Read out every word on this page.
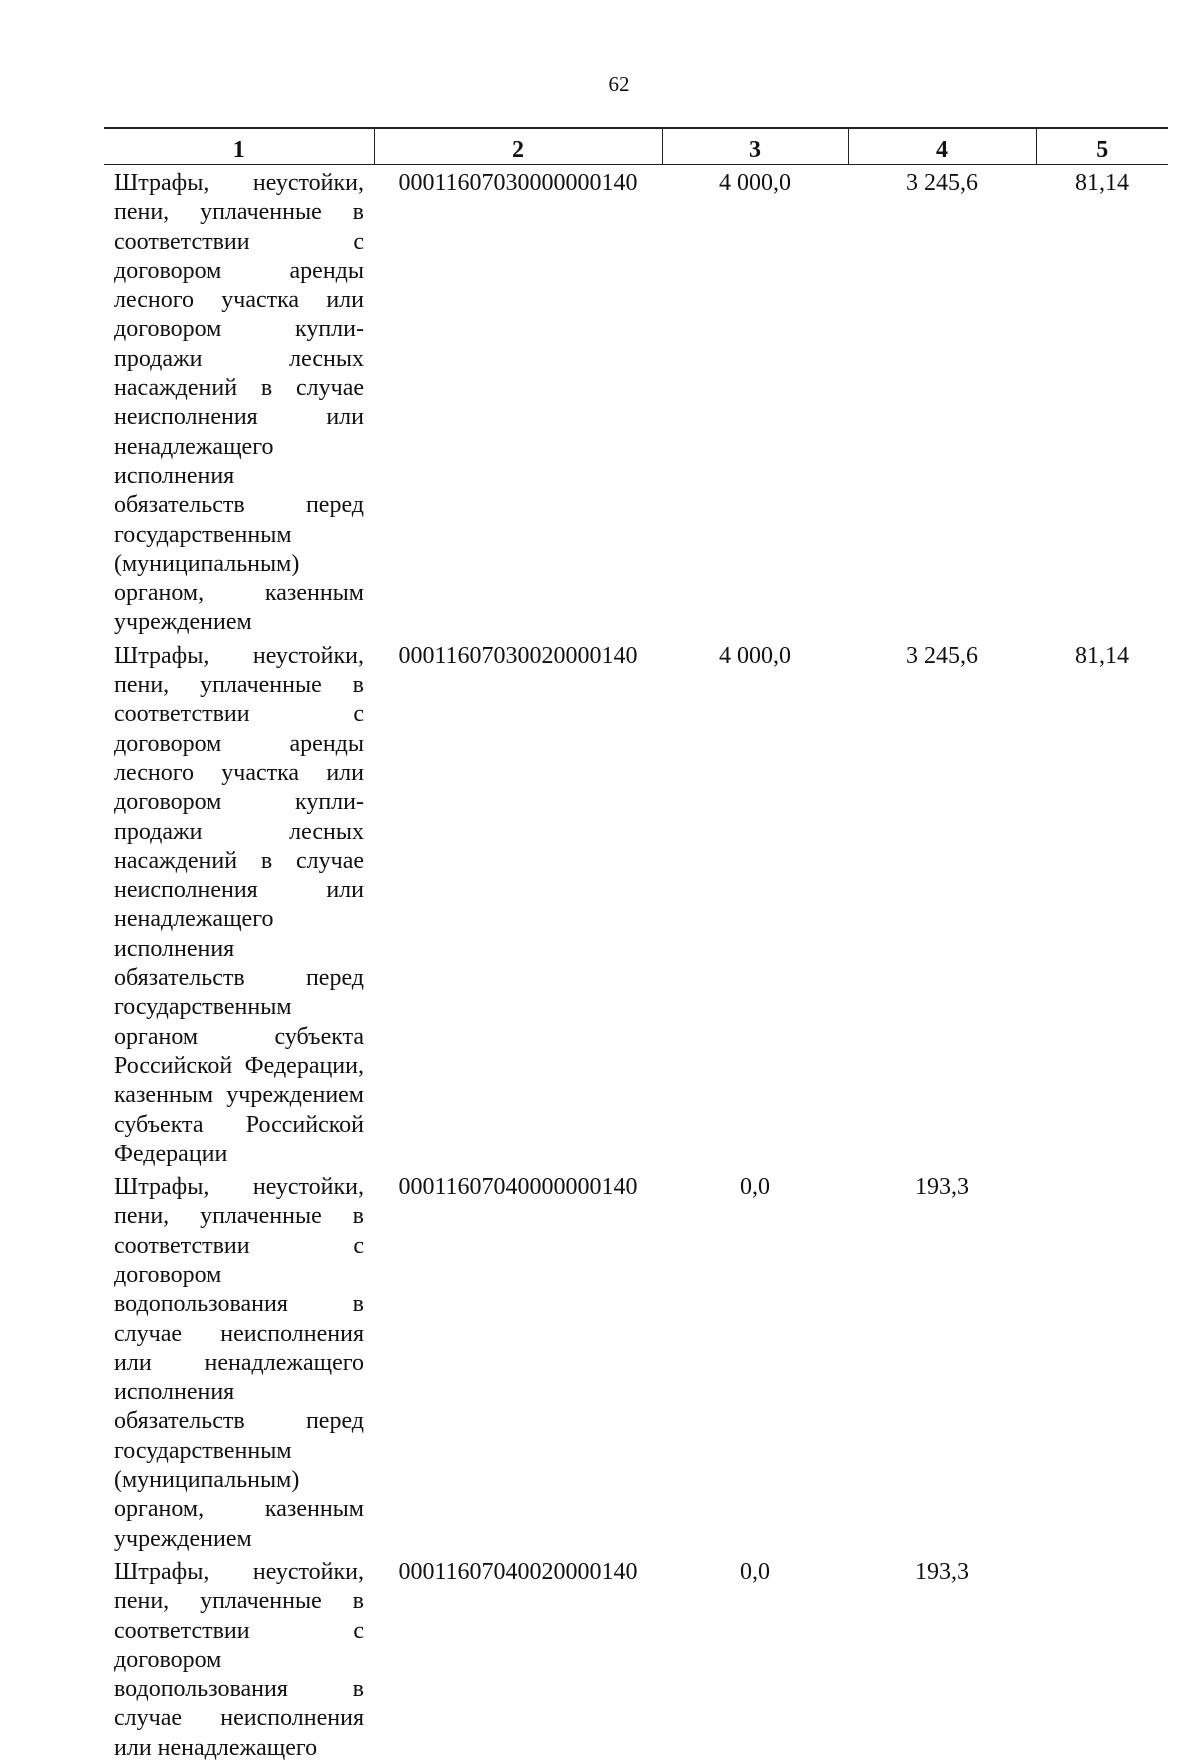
62
1	2	3	4	5
Штрафы, неустойки, пени, уплаченные в соответствии с договором аренды лесного участка или договором купли-продажи лесных насаждений в случае неисполнения или ненадлежащего исполнения обязательств перед государственным (муниципальным) органом, казенным учреждением	00011607030000000140	4 000,0	3 245,6	81,14
Штрафы, неустойки, пени, уплаченные в соответствии с договором аренды лесного участка или договором купли-продажи лесных насаждений в случае неисполнения или ненадлежащего исполнения обязательств перед государственным органом субъекта Российской Федерации, казенным учреждением субъекта Российской Федерации	00011607030020000140	4 000,0	3 245,6	81,14
Штрафы, неустойки, пени, уплаченные в соответствии с договором водопользования в случае неисполнения или ненадлежащего исполнения обязательств перед государственным (муниципальным) органом, казенным учреждением	00011607040000000140	0,0	193,3	
Штрафы, неустойки, пени, уплаченные в соответствии с договором водопользования в случае неисполнения или ненадлежащего	00011607040020000140	0,0	193,3	
